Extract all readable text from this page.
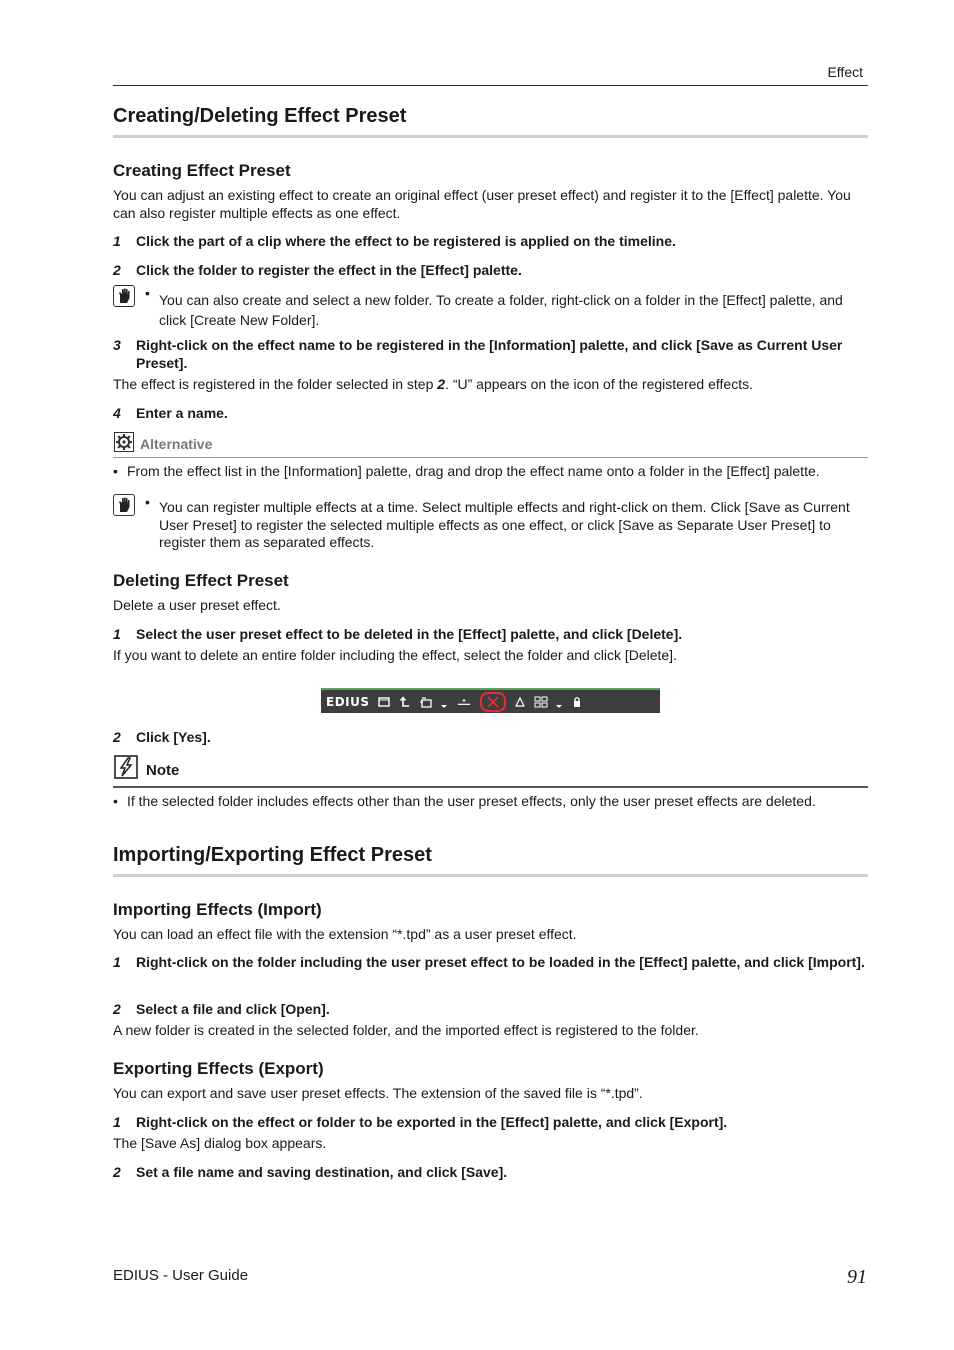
Effect
Creating/Deleting Effect Preset
Creating Effect Preset
You can adjust an existing effect to create an original effect (user preset effect) and register it to the [Effect] palette. You can also register multiple effects as one effect.
1	Click the part of a clip where the effect to be registered is applied on the timeline.
2	Click the folder to register the effect in the [Effect] palette.
• You can also create and select a new folder. To create a folder, right-click on a folder in the [Effect] palette, and click [Create New Folder].
3	Right-click on the effect name to be registered in the [Information] palette, and click [Save as Current User Preset].
The effect is registered in the folder selected in step 2. “U” appears on the icon of the registered effects.
4	Enter a name.
Alternative
• From the effect list in the [Information] palette, drag and drop the effect name onto a folder in the [Effect] palette.
• You can register multiple effects at a time. Select multiple effects and right-click on them. Click [Save as Current User Preset] to register the selected multiple effects as one effect, or click [Save as Separate User Preset] to register them as separated effects.
Deleting Effect Preset
Delete a user preset effect.
1	Select the user preset effect to be deleted in the [Effect] palette, and click [Delete].
If you want to delete an entire folder including the effect, select the folder and click [Delete].
EDIUS
2	Click [Yes].
Note
• If the selected folder includes effects other than the user preset effects, only the user preset effects are deleted.
Importing/Exporting Effect Preset
Importing Effects (Import)
You can load an effect file with the extension “*.tpd” as a user preset effect.
1	Right-click on the folder including the user preset effect to be loaded in the [Effect] palette, and click [Import].
2	Select a file and click [Open].
A new folder is created in the selected folder, and the imported effect is registered to the folder.
Exporting Effects (Export)
You can export and save user preset effects. The extension of the saved file is “*.tpd”.
1	Right-click on the effect or folder to be exported in the [Effect] palette, and click [Export].
The [Save As] dialog box appears.
2	Set a file name and saving destination, and click [Save].
EDIUS - User Guide	91
